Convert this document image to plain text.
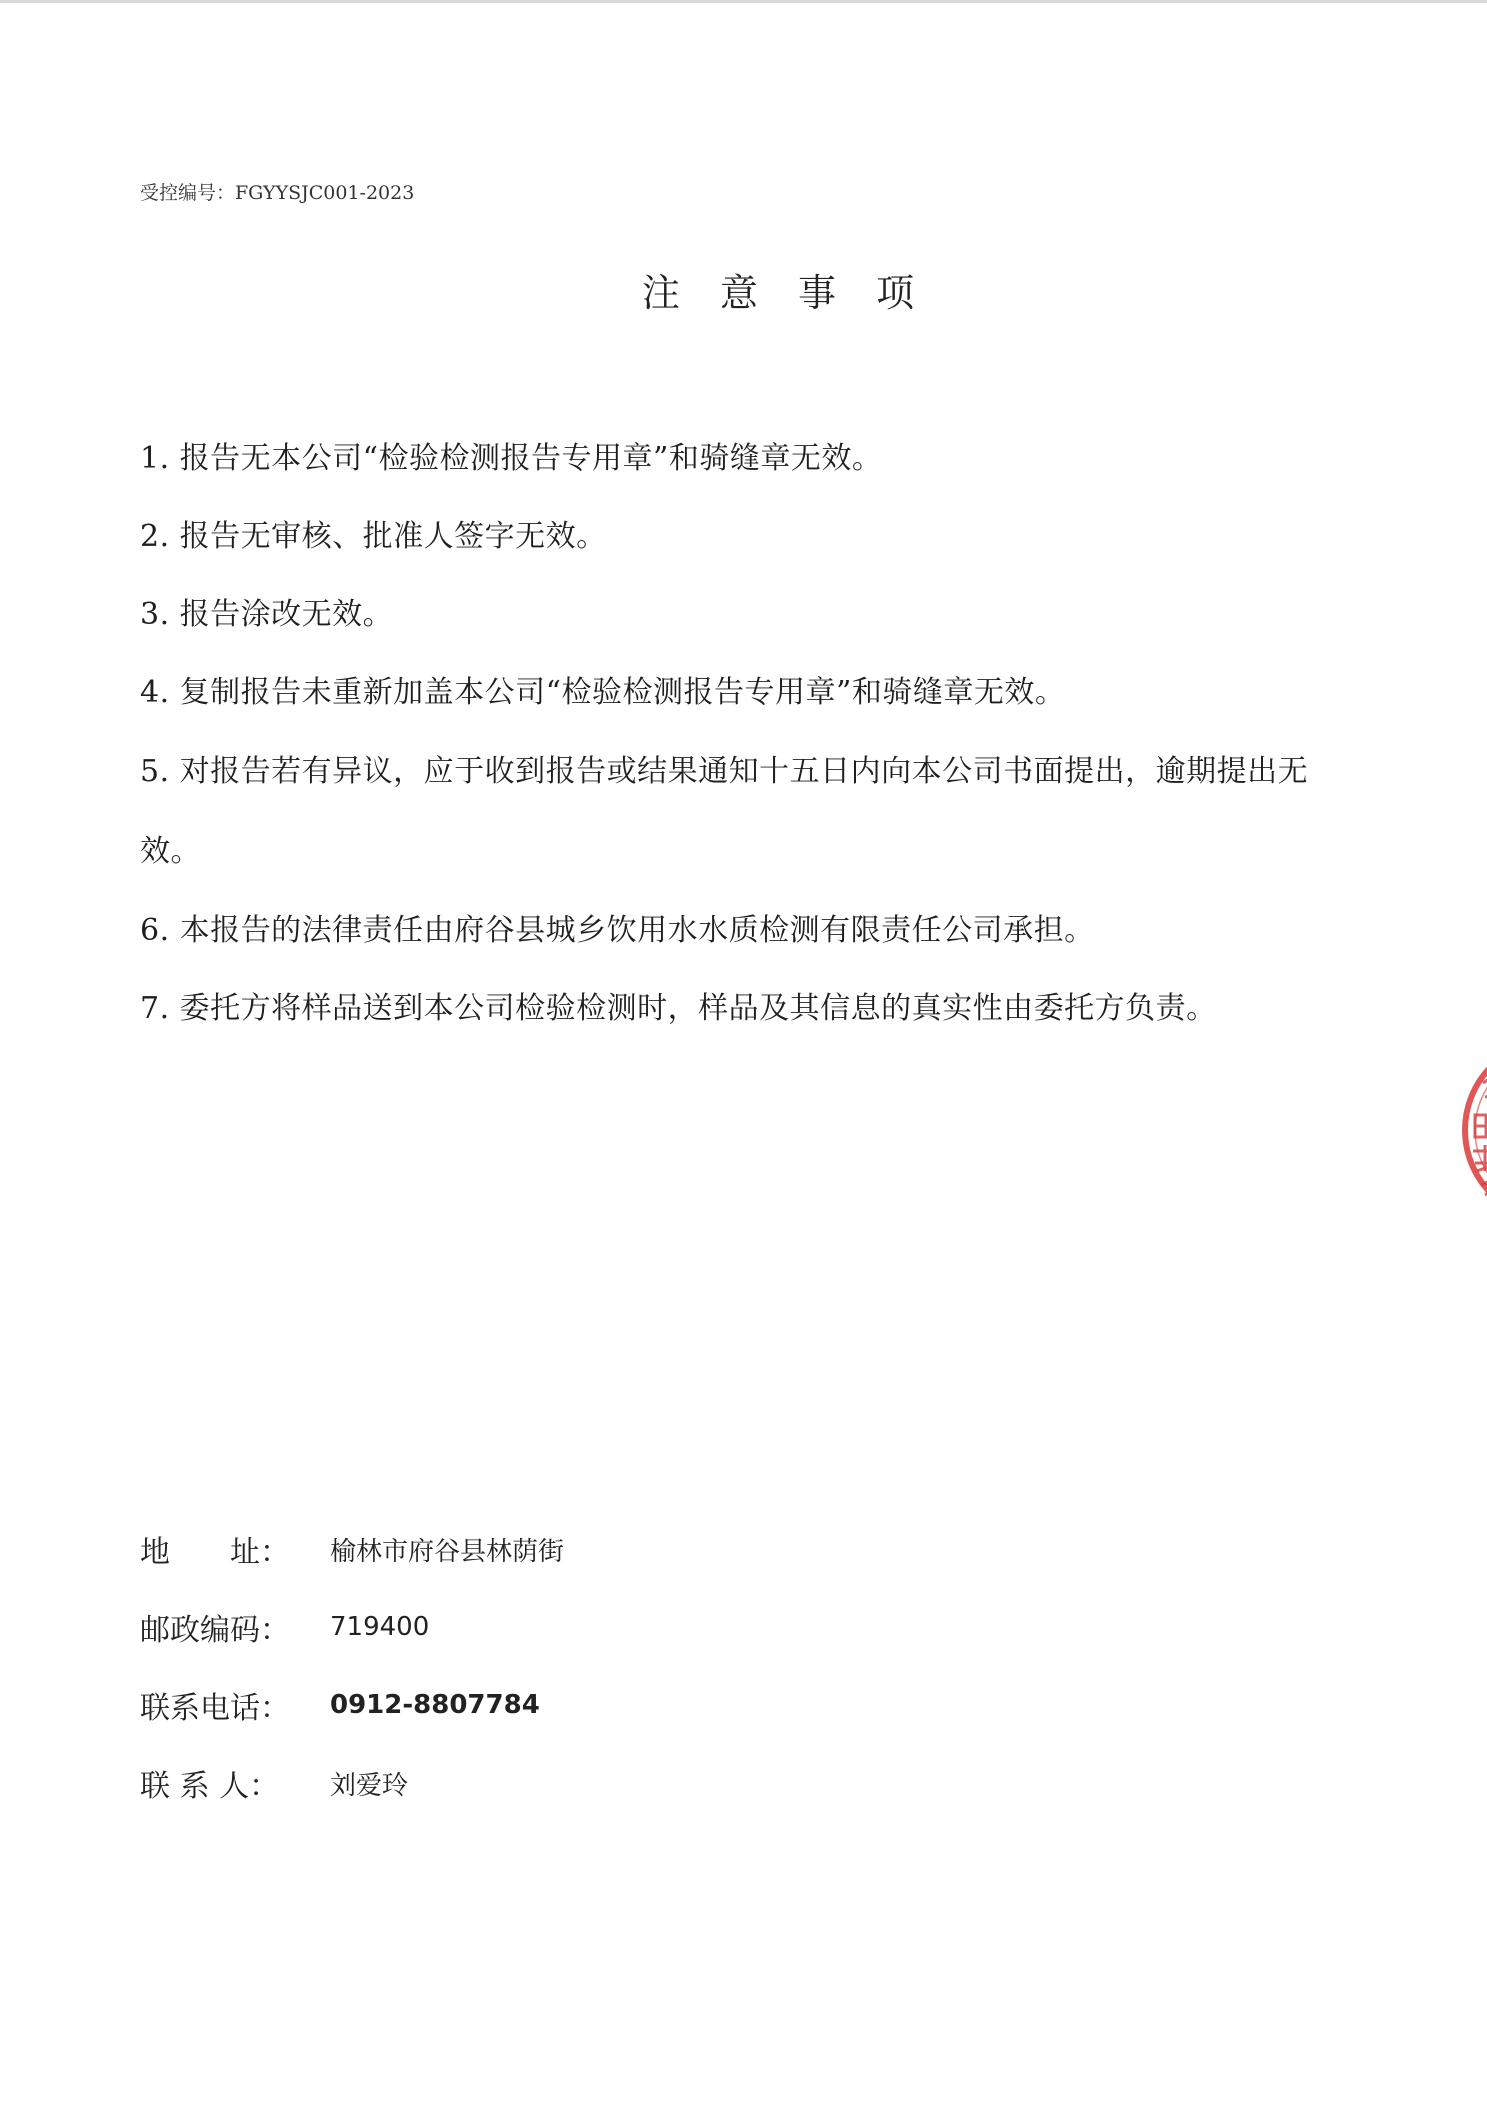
受控编号：FGYYSJC001-2023
注 意 事 项
1. 报告无本公司“检验检测报告专用章”和骑缝章无效。
2. 报告无审核、批准人签字无效。
3. 报告涂改无效。
4. 复制报告未重新加盖本公司“检验检测报告专用章”和骑缝章无效。
5. 对报告若有异议，应于收到报告或结果通知十五日内向本公司书面提出，逾期提出无效。
6. 本报告的法律责任由府谷县城乡饮用水水质检测有限责任公司承担。
7. 委托方将样品送到本公司检验检测时，样品及其信息的真实性由委托方负责。
地　　址：	榆林市府谷县林荫街
邮政编码：	719400
联系电话：	0912-8807784
联 系 人：	刘爱玲
